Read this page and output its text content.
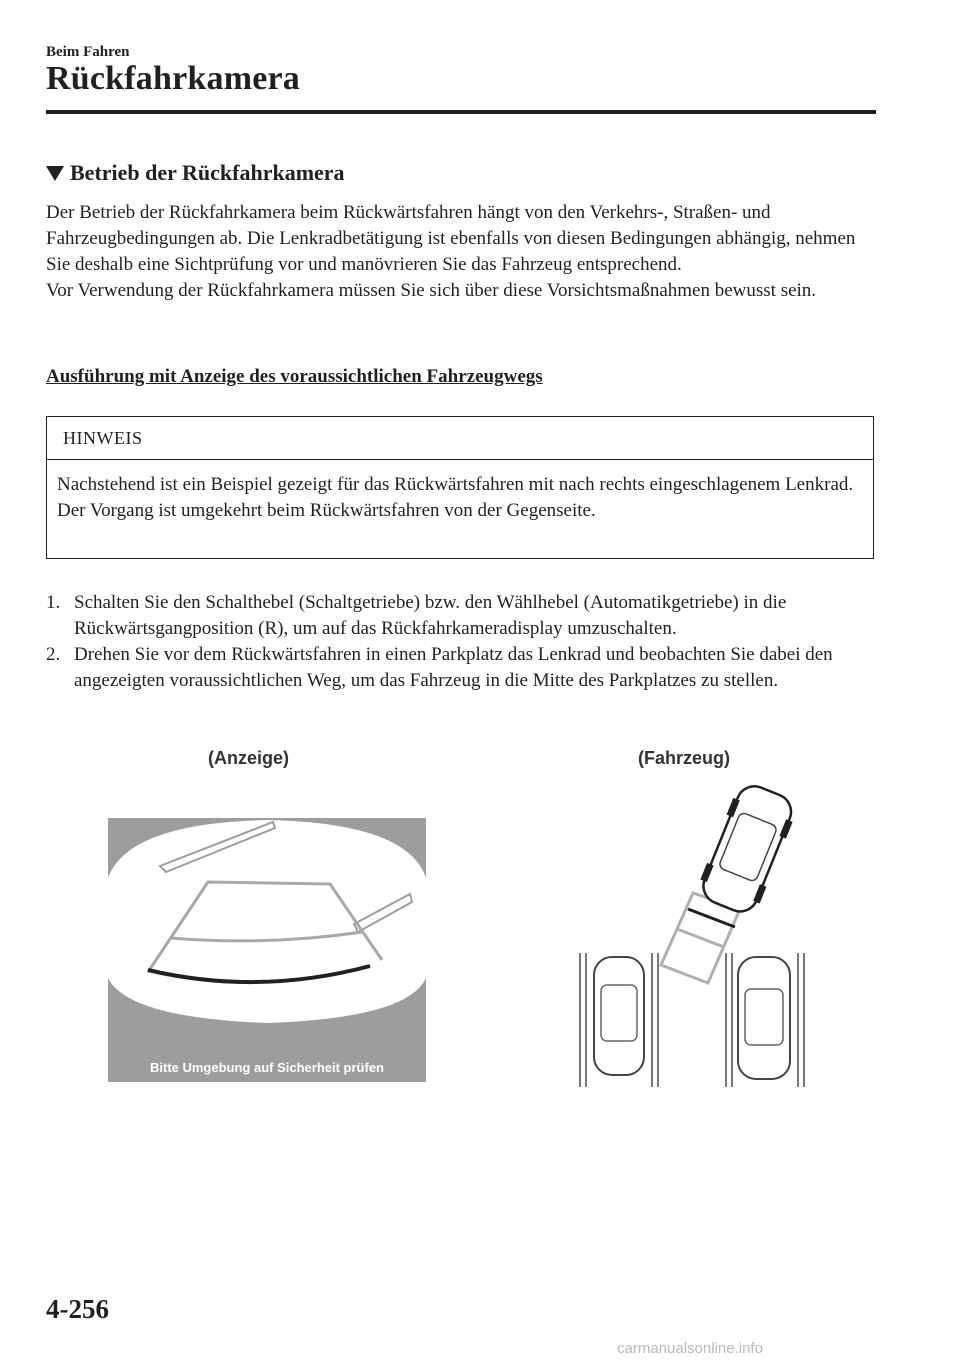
Beim Fahren
Rückfahrkamera
Betrieb der Rückfahrkamera

Der Betrieb der Rückfahrkamera beim Rückwärtsfahren hängt von den Verkehrs-, Straßen- und Fahrzeugbedingungen ab. Die Lenkradbetätigung ist ebenfalls von diesen Bedingungen abhängig, nehmen Sie deshalb eine Sichtprüfung vor und manövrieren Sie das Fahrzeug entsprechend.

Vor Verwendung der Rückfahrkamera müssen Sie sich über diese Vorsichtsmaßnahmen bewusst sein.

Ausführung mit Anzeige des voraussichtlichen Fahrzeugwegs
HINWEIS
Nachstehend ist ein Beispiel gezeigt für das Rückwärtsfahren mit nach rechts eingeschlagenem Lenkrad. Der Vorgang ist umgekehrt beim Rückwärtsfahren von der Gegenseite.
1. Schalten Sie den Schalthebel (Schaltgetriebe) bzw. den Wählhebel (Automatikgetriebe) in die Rückwärtsgangposition (R), um auf das Rückfahrkameradisplay umzuschalten.
2. Drehen Sie vor dem Rückwärtsfahren in einen Parkplatz das Lenkrad und beobachten Sie dabei den angezeigten voraussichtlichen Weg, um das Fahrzeug in die Mitte des Parkplatzes zu stellen.
(Anzeige)	(Fahrzeug)
Bitte Umgebung auf Sicherheit prüfen
4-256
carmanualsonline.info
